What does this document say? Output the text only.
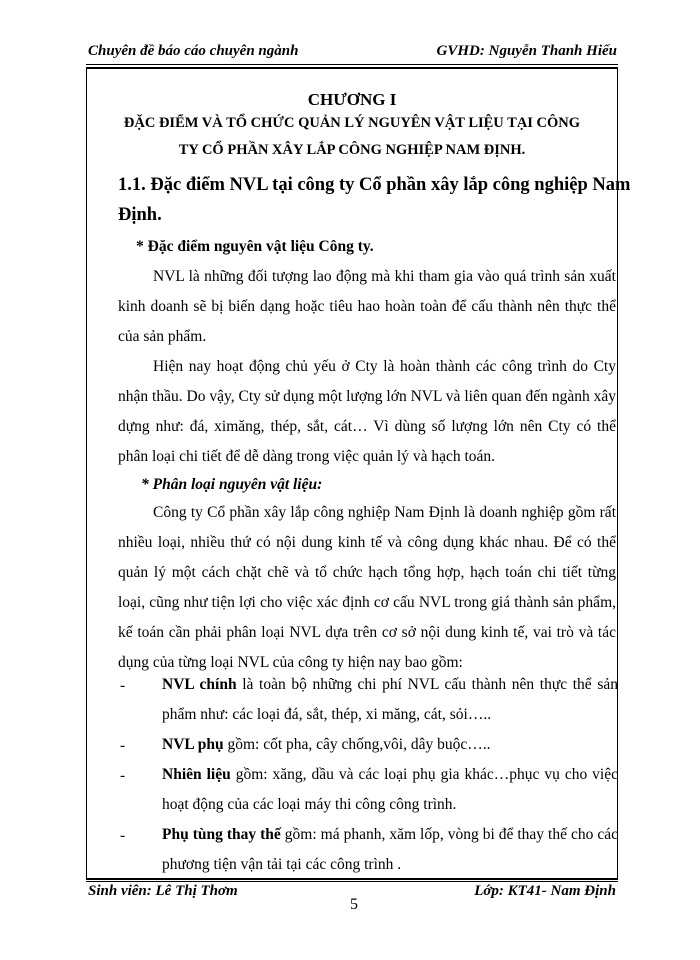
Chuyên đề báo cáo chuyên ngành	GVHD: Nguyễn Thanh Hiếu
CHƯƠNG I
ĐẶC ĐIỂM VÀ TỔ CHỨC QUẢN LÝ NGUYÊN VẬT LIỆU TẠI CÔNG
TY CỔ PHẦN XÂY LẮP CÔNG NGHIỆP NAM ĐỊNH.
1.1. Đặc điểm NVL tại công ty Cổ phần xây lắp công nghiệp Nam
Định.
* Đặc điểm nguyên vật liệu Công ty.
NVL là những đối tượng lao động mà khi tham gia vào quá trình sản xuất kinh doanh sẽ bị biến dạng hoặc tiêu hao hoàn toàn để cấu thành nên thực thể của sản phẩm.
Hiện nay hoạt động chủ yếu ở Cty là hoàn thành các công trình do Cty nhận thầu. Do vậy, Cty sử dụng một lượng lớn NVL và liên quan đến ngành xây dựng như: đá, ximăng, thép, sắt, cát… Vì dùng số lượng lớn nên Cty có thể phân loại chi tiết để dễ dàng trong việc quản lý và hạch toán.
* Phân loại nguyên vật liệu:
Công ty Cổ phần xây lắp công nghiệp Nam Định là doanh nghiệp gồm rất nhiều loại, nhiều thứ có nội dung kinh tế và công dụng khác nhau. Để có thể quản lý một cách chặt chẽ và tổ chức hạch tổng hợp, hạch toán chi tiết từng loại, cũng như tiện lợi cho việc xác định cơ cấu NVL trong giá thành sản phẩm, kế toán cần phải phân loại NVL dựa trên cơ sở nội dung kinh tế, vai trò và tác dụng của từng loại NVL của công ty hiện nay bao gồm:
- NVL chính là toàn bộ những chi phí NVL cấu thành nên thực thể sản phẩm như: các loại đá, sắt, thép, xi măng, cát, sỏi…..
- NVL phụ gồm: cốt pha, cây chống,vôi, dây buộc…..
- Nhiên liệu gồm: xăng, dầu và các loại phụ gia khác…phục vụ cho việc hoạt động của các loại máy thi công công trình.
- Phụ tùng thay thế gồm: má phanh, xăm lốp, vòng bi để thay thế cho các phương tiện vận tải tại các công trình .
Sinh viên: Lê Thị Thơm
5
Lớp: KT41- Nam Định
